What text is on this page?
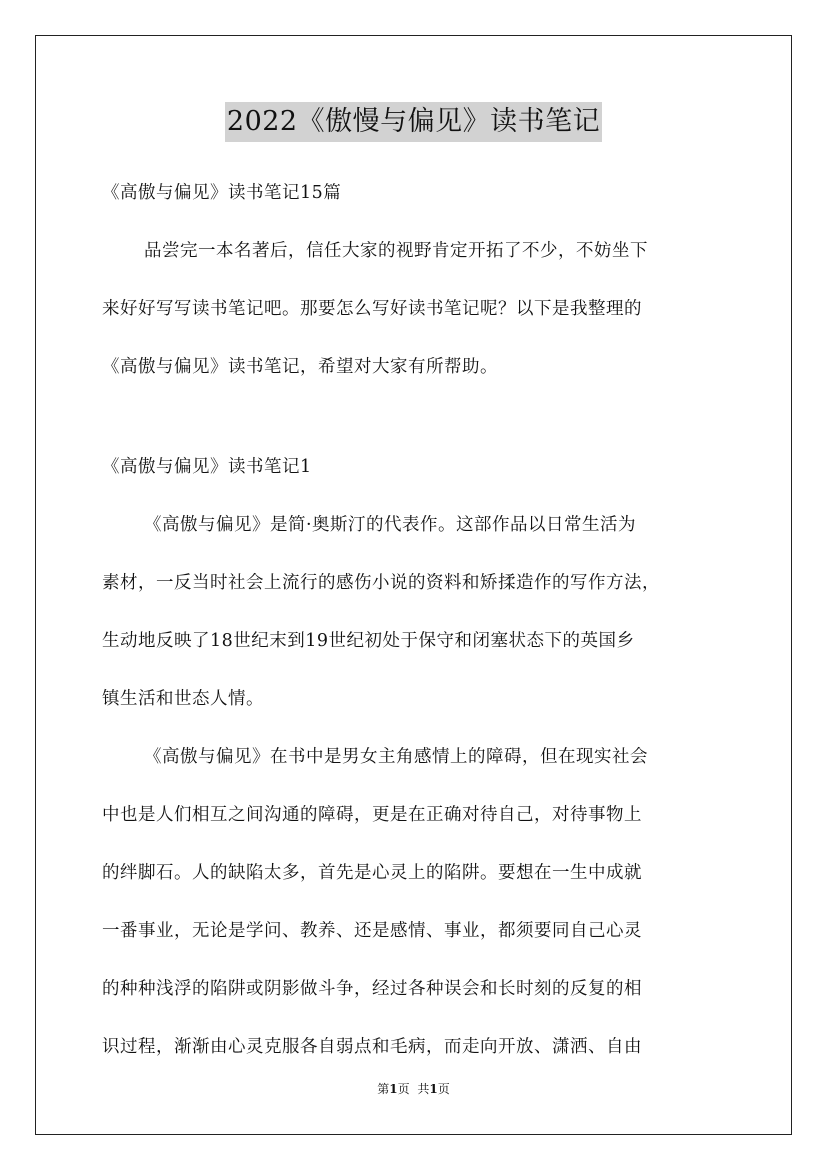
2022《傲慢与偏见》读书笔记
《高傲与偏见》读书笔记15篇
品尝完一本名著后，信任大家的视野肯定开拓了不少，不妨坐下
来好好写写读书笔记吧。那要怎么写好读书笔记呢？以下是我整理的
《高傲与偏见》读书笔记，希望对大家有所帮助。
《高傲与偏见》读书笔记1
《高傲与偏见》是简·奥斯汀的代表作。这部作品以日常生活为
素材，一反当时社会上流行的感伤小说的资料和矫揉造作的写作方法，
生动地反映了18世纪末到19世纪初处于保守和闭塞状态下的英国乡
镇生活和世态人情。
《高傲与偏见》在书中是男女主角感情上的障碍，但在现实社会
中也是人们相互之间沟通的障碍，更是在正确对待自己，对待事物上
的绊脚石。人的缺陷太多，首先是心灵上的陷阱。要想在一生中成就
一番事业，无论是学问、教养、还是感情、事业，都须要同自己心灵
的种种浅浮的陷阱或阴影做斗争，经过各种误会和长时刻的反复的相
识过程，渐渐由心灵克服各自弱点和毛病，而走向开放、潇洒、自由
第1页 共1页
